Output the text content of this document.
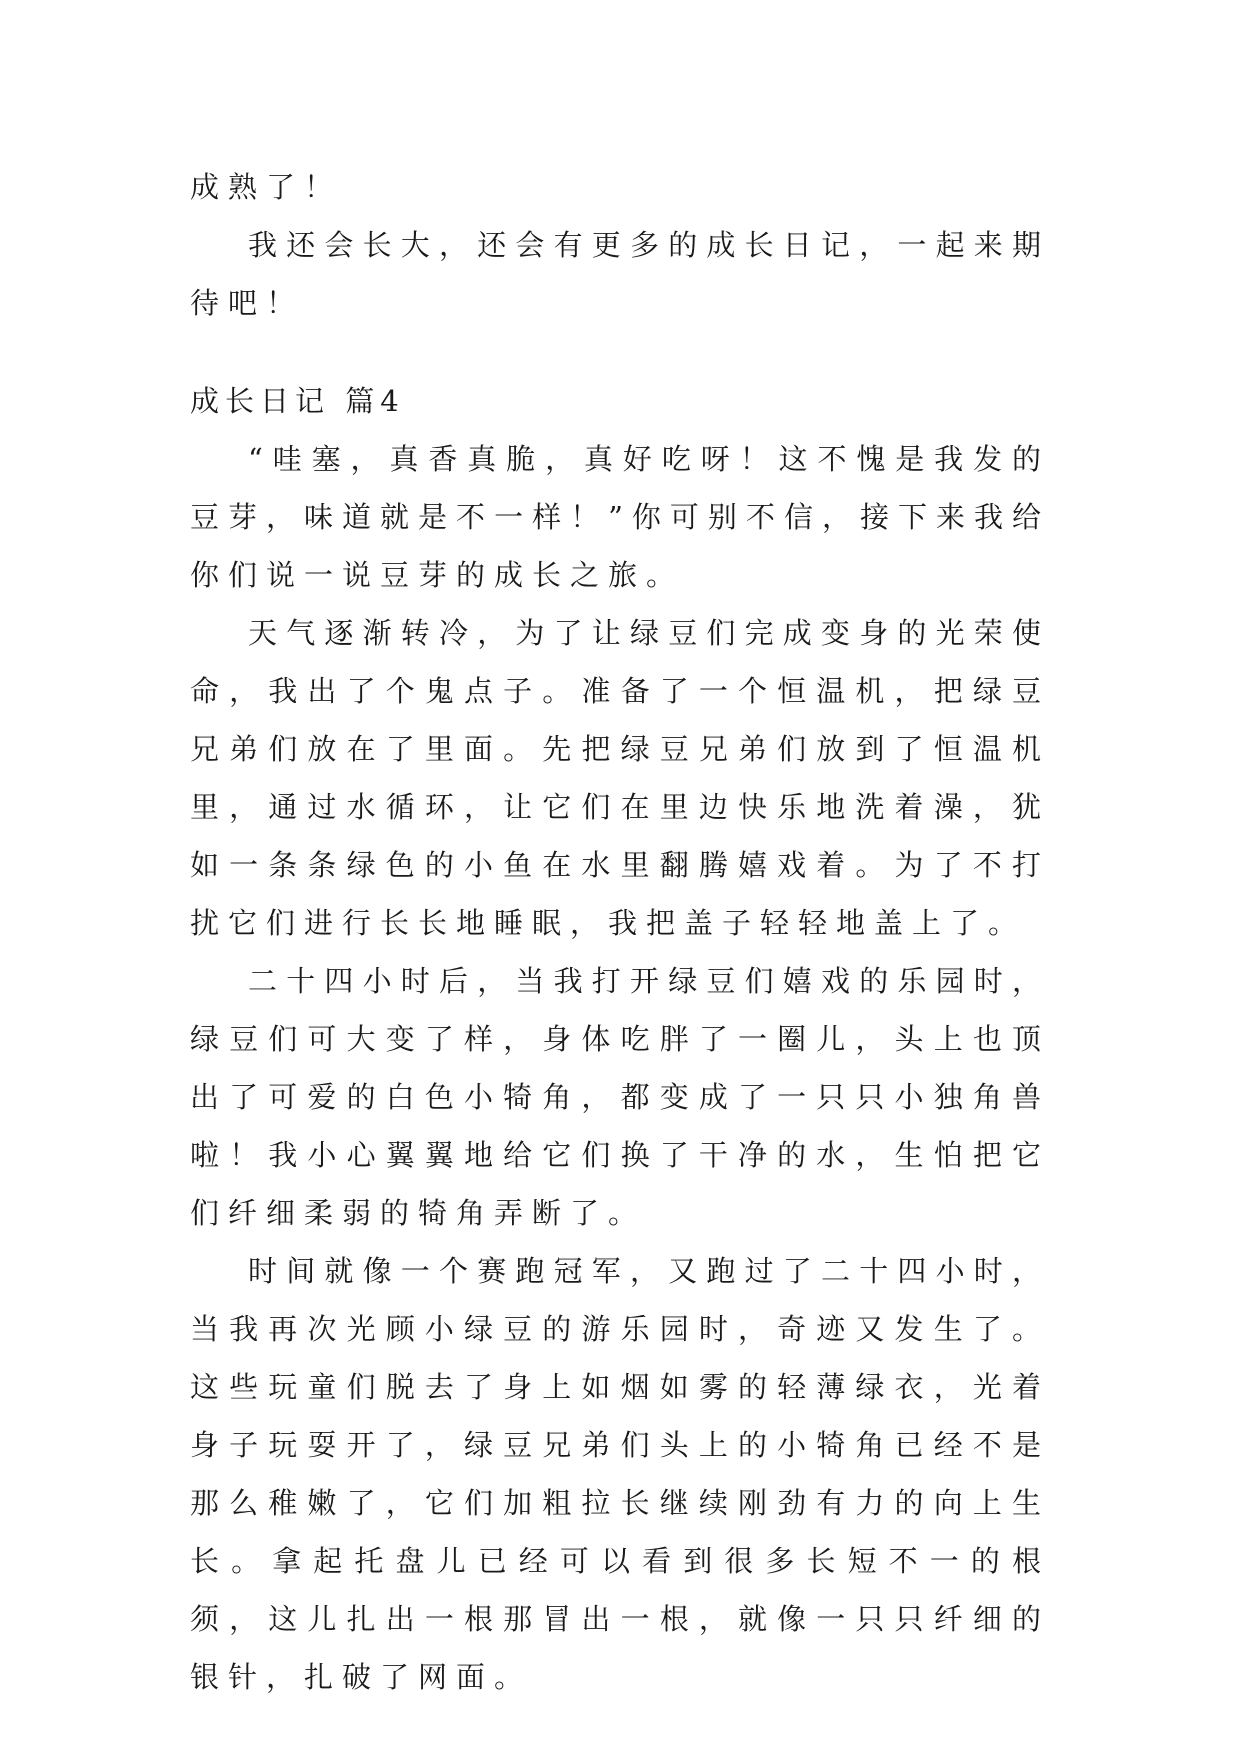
成熟了！

我还会长大，还会有更多的成长日记，一起来期待吧！

成长日记 篇4

“哇塞，真香真脆，真好吃呀！这不愧是我发的豆芽，味道就是不一样！”你可别不信，接下来我给你们说一说豆芽的成长之旅。

天气逐渐转冷，为了让绿豆们完成变身的光荣使命，我出了个鬼点子。准备了一个恒温机，把绿豆兄弟们放在了里面。先把绿豆兄弟们放到了恒温机里，通过水循环，让它们在里边快乐地洗着澡，犹如一条条绿色的小鱼在水里翻腾嬉戏着。为了不打扰它们进行长长地睡眠，我把盖子轻轻地盖上了。

二十四小时后，当我打开绿豆们嬉戏的乐园时，绿豆们可大变了样，身体吃胖了一圈儿，头上也顶出了可爱的白色小犄角，都变成了一只只小独角兽啦！我小心翼翼地给它们换了干净的水，生怕把它们纤细柔弱的犄角弄断了。

时间就像一个赛跑冠军，又跑过了二十四小时，当我再次光顾小绿豆的游乐园时，奇迹又发生了。这些玩童们脱去了身上如烟如雾的轻薄绿衣，光着身子玩耍开了，绿豆兄弟们头上的小犄角已经不是那么稚嫩了，它们加粗拉长继续刚劲有力的向上生长。拿起托盘儿已经可以看到很多长短不一的根须，这儿扎出一根那冒出一根，就像一只只纤细的银针，扎破了网面。
